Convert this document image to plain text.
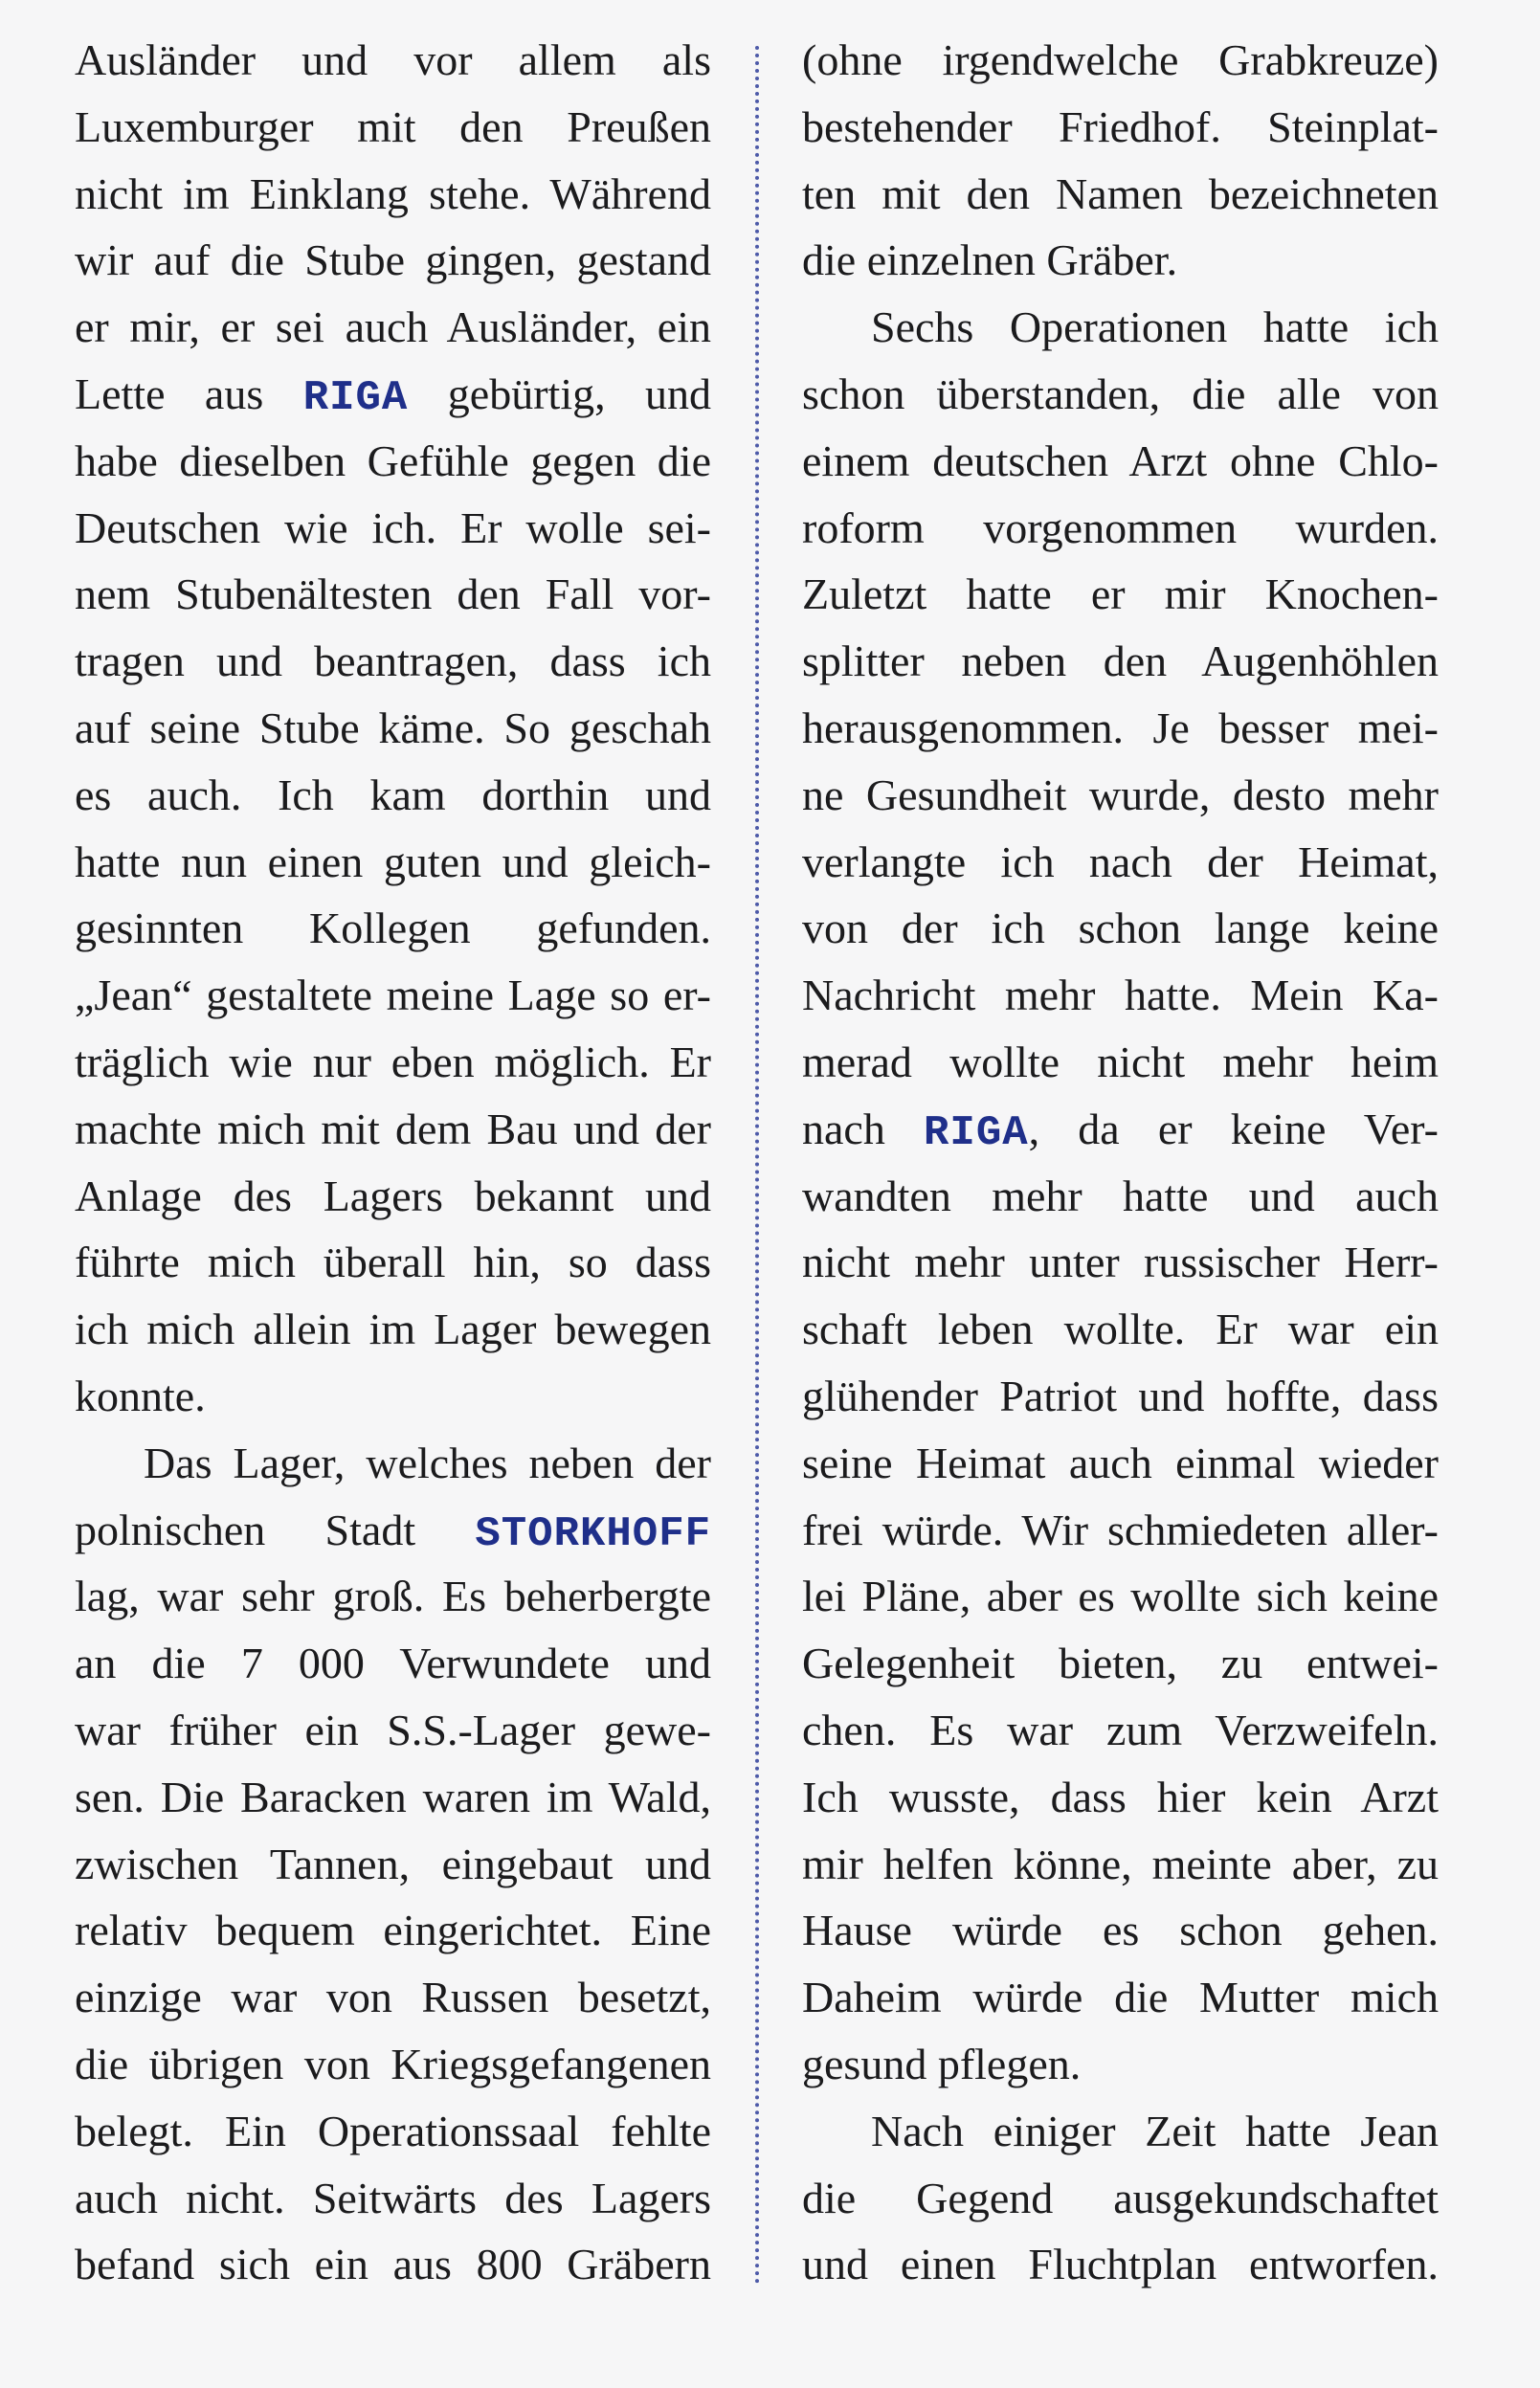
Ausländer und vor allem als
Luxemburger mit den Preußen
nicht im Einklang stehe. Während
wir auf die Stube gingen, gestand
er mir, er sei auch Ausländer, ein
Lette aus RIGA gebürtig, und
habe dieselben Gefühle gegen die
Deutschen wie ich. Er wolle sei-
nem Stubenältesten den Fall vor-
tragen und beantragen, dass ich
auf seine Stube käme. So geschah
es auch. Ich kam dorthin und
hatte nun einen guten und gleich-
gesinnten Kollegen gefunden.
„Jean“ gestaltete meine Lage so er-
träglich wie nur eben möglich. Er
machte mich mit dem Bau und der
Anlage des Lagers bekannt und
führte mich überall hin, so dass
ich mich allein im Lager bewegen
konnte.
Das Lager, welches neben der
polnischen Stadt STORKHOFF
lag, war sehr groß. Es beherbergte
an die 7 000 Verwundete und
war früher ein S.S.-Lager gewe-
sen. Die Baracken waren im Wald,
zwischen Tannen, eingebaut und
relativ bequem eingerichtet. Eine
einzige war von Russen besetzt,
die übrigen von Kriegsgefangenen
belegt. Ein Operationssaal fehlte
auch nicht. Seitwärts des Lagers
befand sich ein aus 800 Gräbern
(ohne irgendwelche Grabkreuze)
bestehender Friedhof. Steinplat-
ten mit den Namen bezeichneten
die einzelnen Gräber.
Sechs Operationen hatte ich
schon überstanden, die alle von
einem deutschen Arzt ohne Chlo-
roform vorgenommen wurden.
Zuletzt hatte er mir Knochen-
splitter neben den Augenhöhlen
herausgenommen. Je besser mei-
ne Gesundheit wurde, desto mehr
verlangte ich nach der Heimat,
von der ich schon lange keine
Nachricht mehr hatte. Mein Ka-
merad wollte nicht mehr heim
nach RIGA, da er keine Ver-
wandten mehr hatte und auch
nicht mehr unter russischer Herr-
schaft leben wollte. Er war ein
glühender Patriot und hoffte, dass
seine Heimat auch einmal wieder
frei würde. Wir schmiedeten aller-
lei Pläne, aber es wollte sich keine
Gelegenheit bieten, zu entwei-
chen. Es war zum Verzweifeln.
Ich wusste, dass hier kein Arzt
mir helfen könne, meinte aber, zu
Hause würde es schon gehen.
Daheim würde die Mutter mich
gesund pflegen.
Nach einiger Zeit hatte Jean
die Gegend ausgekundschaftet
und einen Fluchtplan entworfen.
